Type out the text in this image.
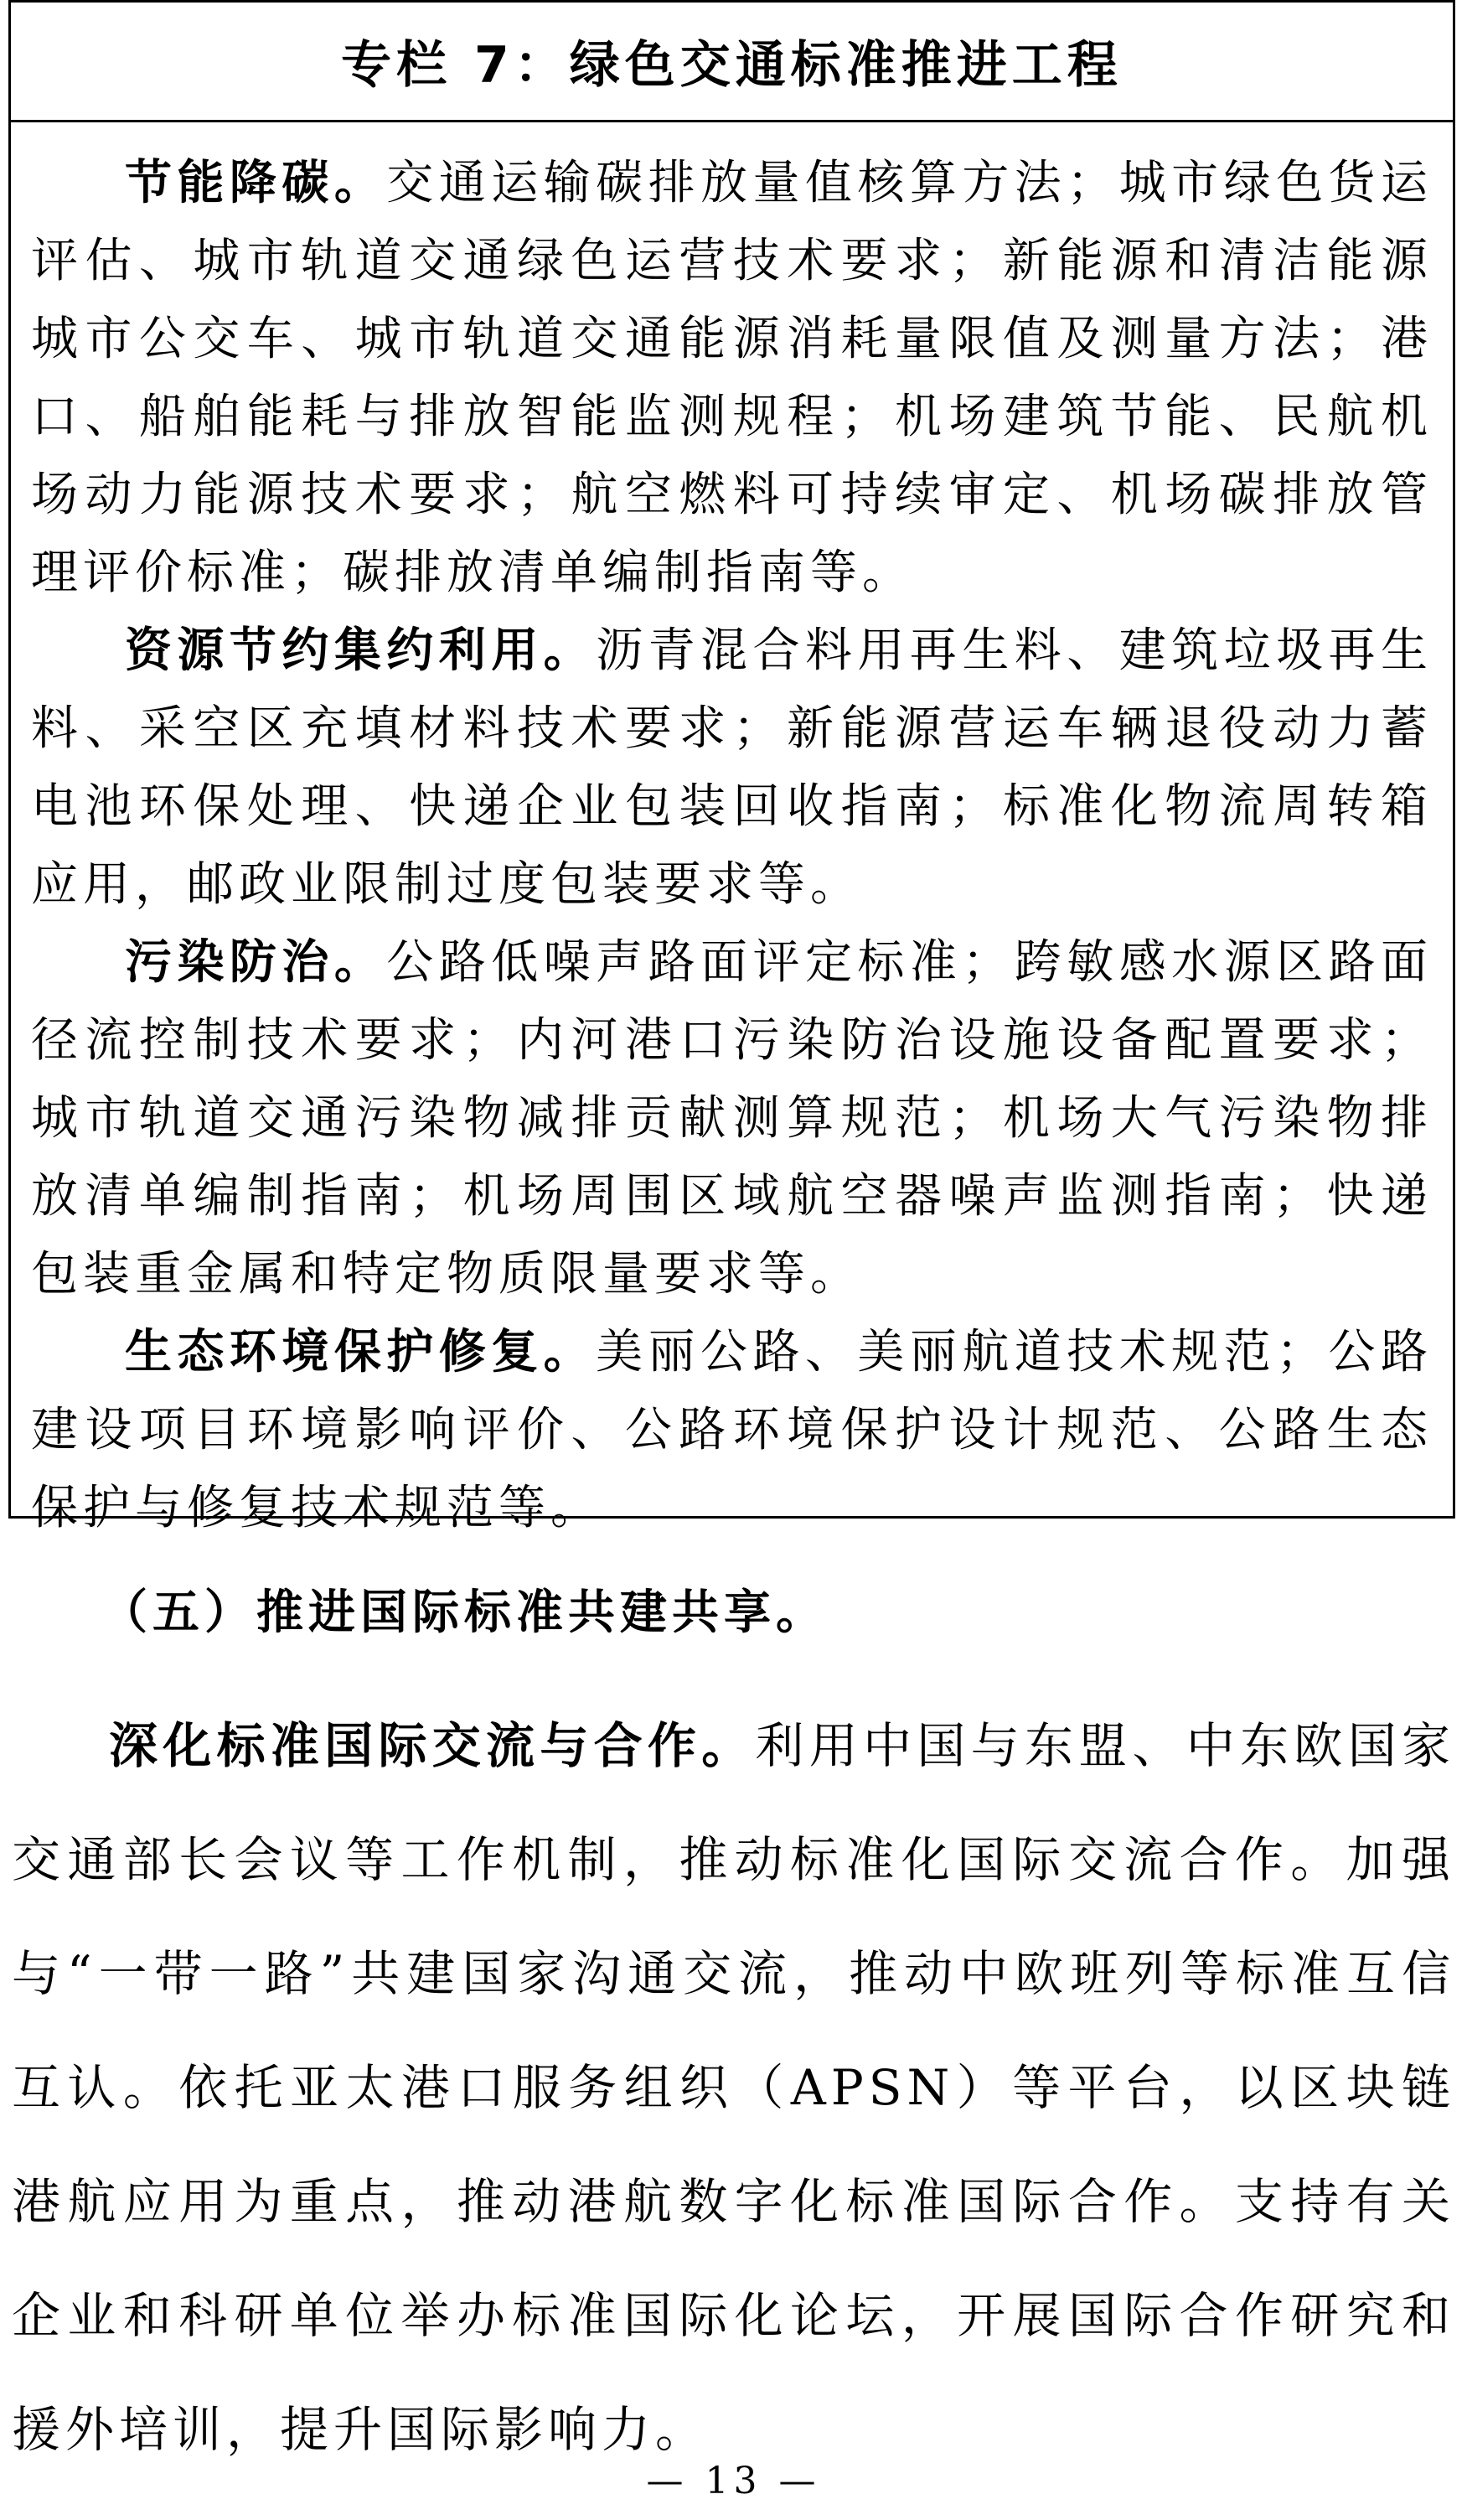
专栏 7：绿色交通标准推进工程

节能降碳。交通运输碳排放量值核算方法；城市绿色货运评估、城市轨道交通绿色运营技术要求；新能源和清洁能源城市公交车、城市轨道交通能源消耗量限值及测量方法；港口、船舶能耗与排放智能监测规程；机场建筑节能、民航机场动力能源技术要求；航空燃料可持续审定、机场碳排放管理评价标准；碳排放清单编制指南等。

资源节约集约利用。沥青混合料用再生料、建筑垃圾再生料、采空区充填材料技术要求；新能源营运车辆退役动力蓄电池环保处理、快递企业包装回收指南；标准化物流周转箱应用，邮政业限制过度包装要求等。

污染防治。公路低噪声路面评定标准；跨敏感水源区路面径流控制技术要求；内河港口污染防治设施设备配置要求；城市轨道交通污染物减排贡献测算规范；机场大气污染物排放清单编制指南；机场周围区域航空器噪声监测指南；快递包装重金属和特定物质限量要求等。

生态环境保护修复。美丽公路、美丽航道技术规范；公路建设项目环境影响评价、公路环境保护设计规范、公路生态保护与修复技术规范等。

（五）推进国际标准共建共享。

深化标准国际交流与合作。利用中国与东盟、中东欧国家交通部长会议等工作机制，推动标准化国际交流合作。加强与“一带一路”共建国家沟通交流，推动中欧班列等标准互信互认。依托亚太港口服务组织（APSN）等平台，以区块链港航应用为重点，推动港航数字化标准国际合作。支持有关企业和科研单位举办标准国际化论坛，开展国际合作研究和援外培训，提升国际影响力。

— 13 —
